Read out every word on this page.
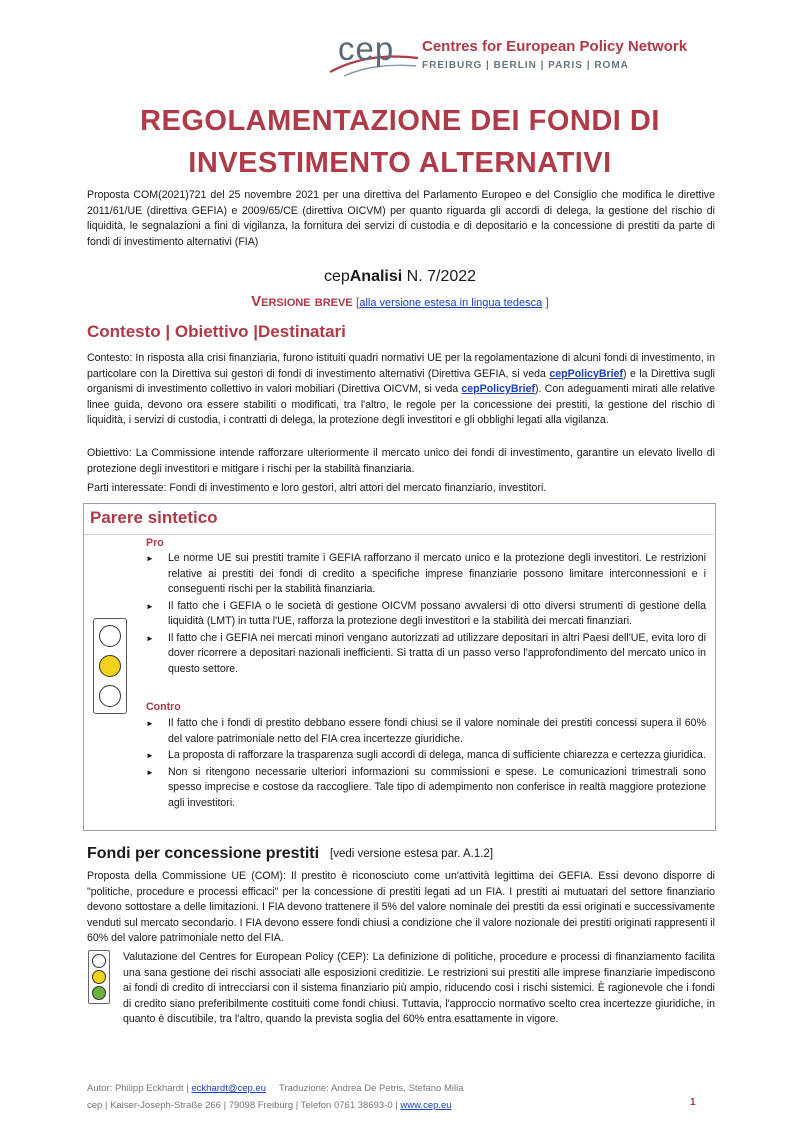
cep Centres for European Policy Network
FREIBURG | BERLIN | PARIS | ROMA
REGOLAMENTAZIONE DEI FONDI DI
INVESTIMENTO ALTERNATIVI
Proposta COM(2021)721 del 25 novembre 2021 per una direttiva del Parlamento Europeo e del Consiglio che modifica le direttive 2011/61/UE (direttiva GEFIA) e 2009/65/CE (direttiva OICVM) per quanto riguarda gli accordi di delega, la gestione del rischio di liquidità, le segnalazioni a fini di vigilanza, la fornitura dei servizi di custodia e di depositario e la concessione di prestiti da parte di fondi di investimento alternativi (FIA)
cepAnalisi N. 7/2022
Versione breve [alla versione estesa in lingua tedesca ]
Contesto | Obiettivo |Destinatari
Contesto: In risposta alla crisi finanziaria, furono istituiti quadri normativi UE per la regolamentazione di alcuni fondi di investimento, in particolare con la Direttiva sui gestori di fondi di investimento alternativi (Direttiva GEFIA, si veda cepPolicyBrief) e la Direttiva sugli organismi di investimento collettivo in valori mobiliari (Direttiva OICVM, si veda cepPolicyBrief). Con adeguamenti mirati alle relative linee guida, devono ora essere stabiliti o modificati, tra l'altro, le regole per la concessione dei prestiti, la gestione del rischio di liquidità, i servizi di custodia, i contratti di delega, la protezione degli investitori e gli obblighi legati alla vigilanza.
Obiettivo: La Commissione intende rafforzare ulteriormente il mercato unico dei fondi di investimento, garantire un elevato livello di protezione degli investitori e mitigare i rischi per la stabilità finanziaria.
Parti interessate: Fondi di investimento e loro gestori, altri attori del mercato finanziario, investitori.
Parere sintetico
Pro
► Le norme UE sui prestiti tramite i GEFIA rafforzano il mercato unico e la protezione degli investitori. Le restrizioni relative ai prestiti dei fondi di credito a specifiche imprese finanziarie possono limitare interconnessioni e i conseguenti rischi per la stabilità finanziaria.
► Il fatto che i GEFIA o le società di gestione OICVM possano avvalersi di otto diversi strumenti di gestione della liquidità (LMT) in tutta l'UE, rafforza la protezione degli investitori e la stabilità dei mercati finanziari.
► Il fatto che i GEFIA nei mercati minori vengano autorizzati ad utilizzare depositari in altri Paesi dell'UE, evita loro di dover ricorrere a depositari nazionali inefficienti. Si tratta di un passo verso l'approfondimento del mercato unico in questo settore.
Contro
► Il fatto che i fondi di prestito debbano essere fondi chiusi se il valore nominale dei prestiti concessi supera il 60% del valore patrimoniale netto del FIA crea incertezze giuridiche.
► La proposta di rafforzare la trasparenza sugli accordi di delega, manca di sufficiente chiarezza e certezza giuridica.
► Non si ritengono necessarie ulteriori informazioni su commissioni e spese. Le comunicazioni trimestrali sono spesso imprecise e costose da raccogliere. Tale tipo di adempimento non conferisce in realtà maggiore protezione agli investitori.
Fondi per concessione prestiti [vedi versione estesa par. A.1.2]
Proposta della Commissione UE (COM): Il prestito è riconosciuto come un'attività legittima dei GEFIA. Essi devono disporre di "politiche, procedure e processi efficaci" per la concessione di prestiti legati ad un FIA. I prestiti ai mutuatari del settore finanziario devono sottostare a delle limitazioni. I FIA devono trattenere il 5% del valore nominale dei prestiti da essi originati e successivamente venduti sul mercato secondario. I FIA devono essere fondi chiusi a condizione che il valore nozionale dei prestiti originati rappresenti il 60% del valore patrimoniale netto del FIA.
Valutazione del Centres for European Policy (CEP): La definizione di politiche, procedure e processi di finanziamento facilita una sana gestione dei rischi associati alle esposizioni creditizie. Le restrizioni sui prestiti alle imprese finanziarie impediscono ai fondi di credito di intrecciarsi con il sistema finanziario più ampio, riducendo così i rischi sistemici. È ragionevole che i fondi di credito siano preferibilmente costituiti come fondi chiusi. Tuttavia, l'approccio normativo scelto crea incertezze giuridiche, in quanto è discutibile, tra l'altro, quando la prevista soglia del 60% entra esattamente in vigore.
Autor: Philipp Eckhardt | eckhardt@cep.eu     Traduzione: Andrea De Petris, Stefano Milia
cep | Kaiser-Joseph-Straße 266 | 79098 Freiburg | Telefon 0761 38693-0 | www.cep.eu	1
